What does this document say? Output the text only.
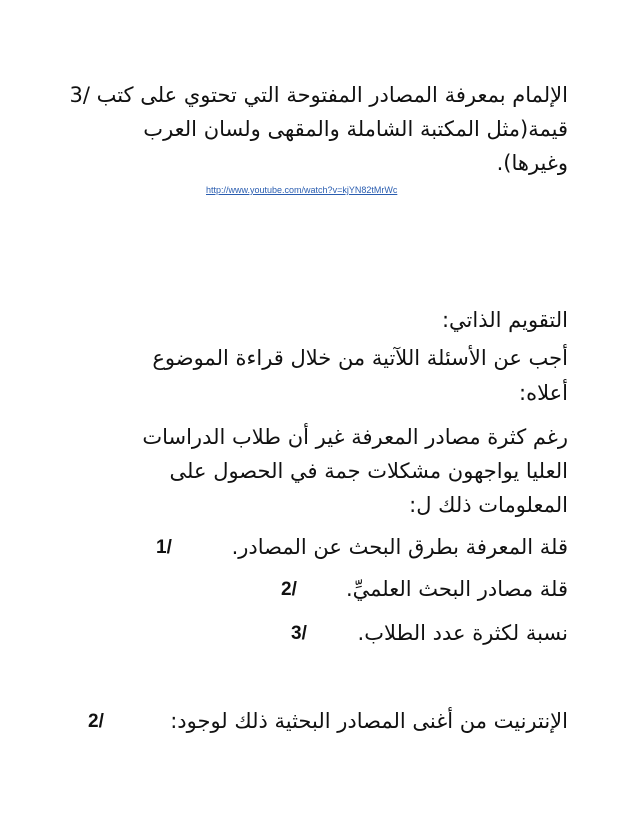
الإلمام بمعرفة المصادر المفتوحة التي تحتوي على كتب /3
قيمة(مثل المكتبة الشاملة والمقهى ولسان العرب
وغيرها).
http://www.youtube.com/watch?v=kjYN82tMrWc
التقويم الذاتي:
أجب عن الأسئلة اللآتية من خلال قراءة الموضوع
أعلاه:
رغم كثرة مصادر المعرفة غير أن طلاب الدراسات
العليا يواجهون مشكلات جمة في الحصول على
المعلومات ذلك ل:
قلة المعرفة بطرق البحث عن المصادر.
1/
قلة مصادر البحث العلميِّ.
2/
نسبة لكثرة عدد الطلاب.
3/
الإنترنيت من أغنى المصادر البحثية ذلك لوجود:
2/
